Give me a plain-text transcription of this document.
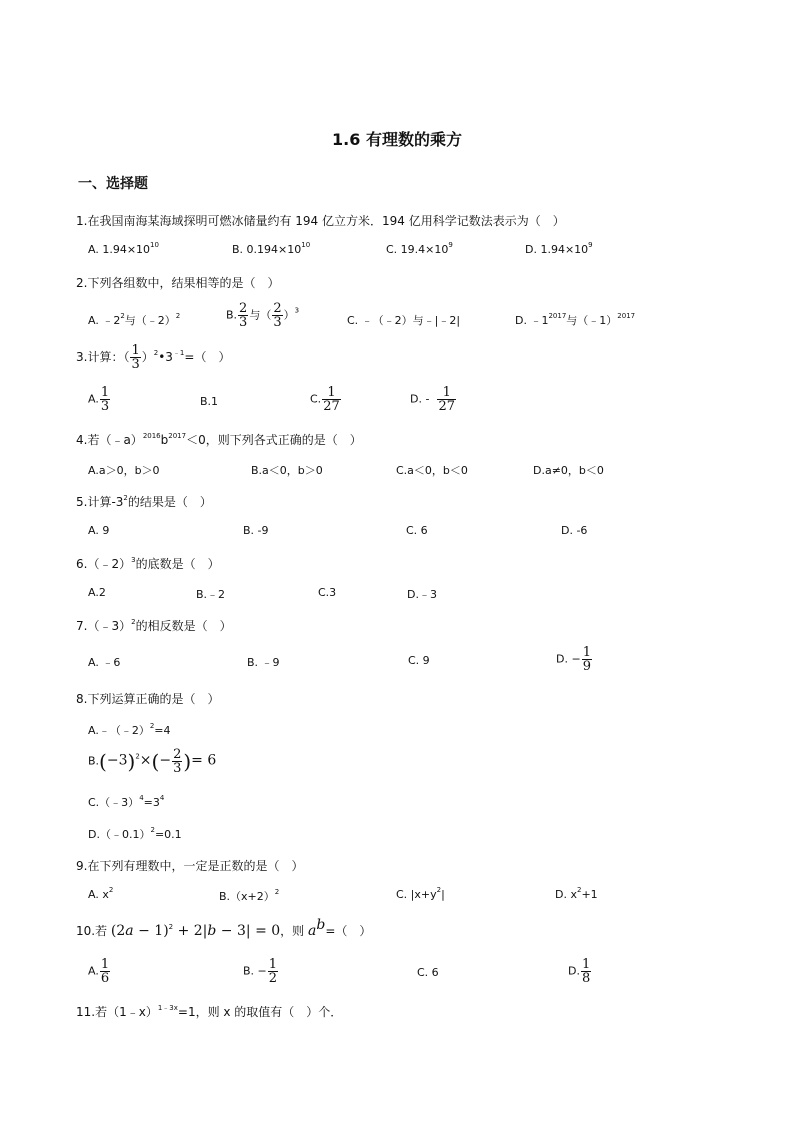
1.6 有理数的乘方
一、选择题
1.在我国南海某海域探明可燃冰储量约有 194 亿立方米．194 亿用科学记数法表示为（　）
A. $1.94\times 10^{10}$	B. $0.194\times 10^{10}$	C. $19.4\times 10^9$	D. $1.94\times 10^9$
2.下列各组数中，结果相等的是（　）
A. $﹣2^2$与（﹣2）$^2$	B. $\frac{2}{3}$ 与（ $\frac{2}{3} )^3$
C. ﹣（﹣2）与﹣|﹣2|	D. $﹣1^{2017}$与（﹣1）$^{2017}$
3.计算：（ $\frac{1}{3}$ ）$^2•3^{﹣1}=$（　）
A. $\frac{1}{3}$	B.1	C. $\frac{1}{27}$	D. - $\frac{1}{27}$
4.若$(﹣a)^{2016}b^{2017}<0$，则下列各式正确的是（　）
A.a＞0，b＞0	B.a＜0，b＞0	C.a＜0，b＜0	D.a≠0，b＜0
5.计算$-3^2$的结果是（　）
A. 9	B. -9	C. 6	D. -6
6.（﹣2）$^3$的底数是（　）
A.2	B.﹣2	C.3	D.﹣3
7.（﹣3）$^2$的相反数是（　）
A. ﹣6	B. ﹣9	C. 9	D. − $\frac{1}{9}$
8.下列运算正确的是（　）
A.﹣（﹣2）$^2$=4
$B.(-3)^2\times(- \frac{2}{3}$ )= 6
$C.(﹣3)^4=3^4$
D.（﹣0.1）$^2$=0.1
9.在下列有理数中，一定是正数的是（　）
A. $x^2$	$B.(x+2)^2$	C. $|x+y^2|$	D. $x^2+1$
10.若 $(2a - 1)^2 + 2|b - 3| = 0$，则 $a^b=$（　）
A. $\frac{1}{6}$	B. − $\frac{1}{2}$	C. 6	D. $\frac{1}{8}$
11.若（1﹣x）$^{1﹣3x}$=1，则 x 的取值有（　）个．
